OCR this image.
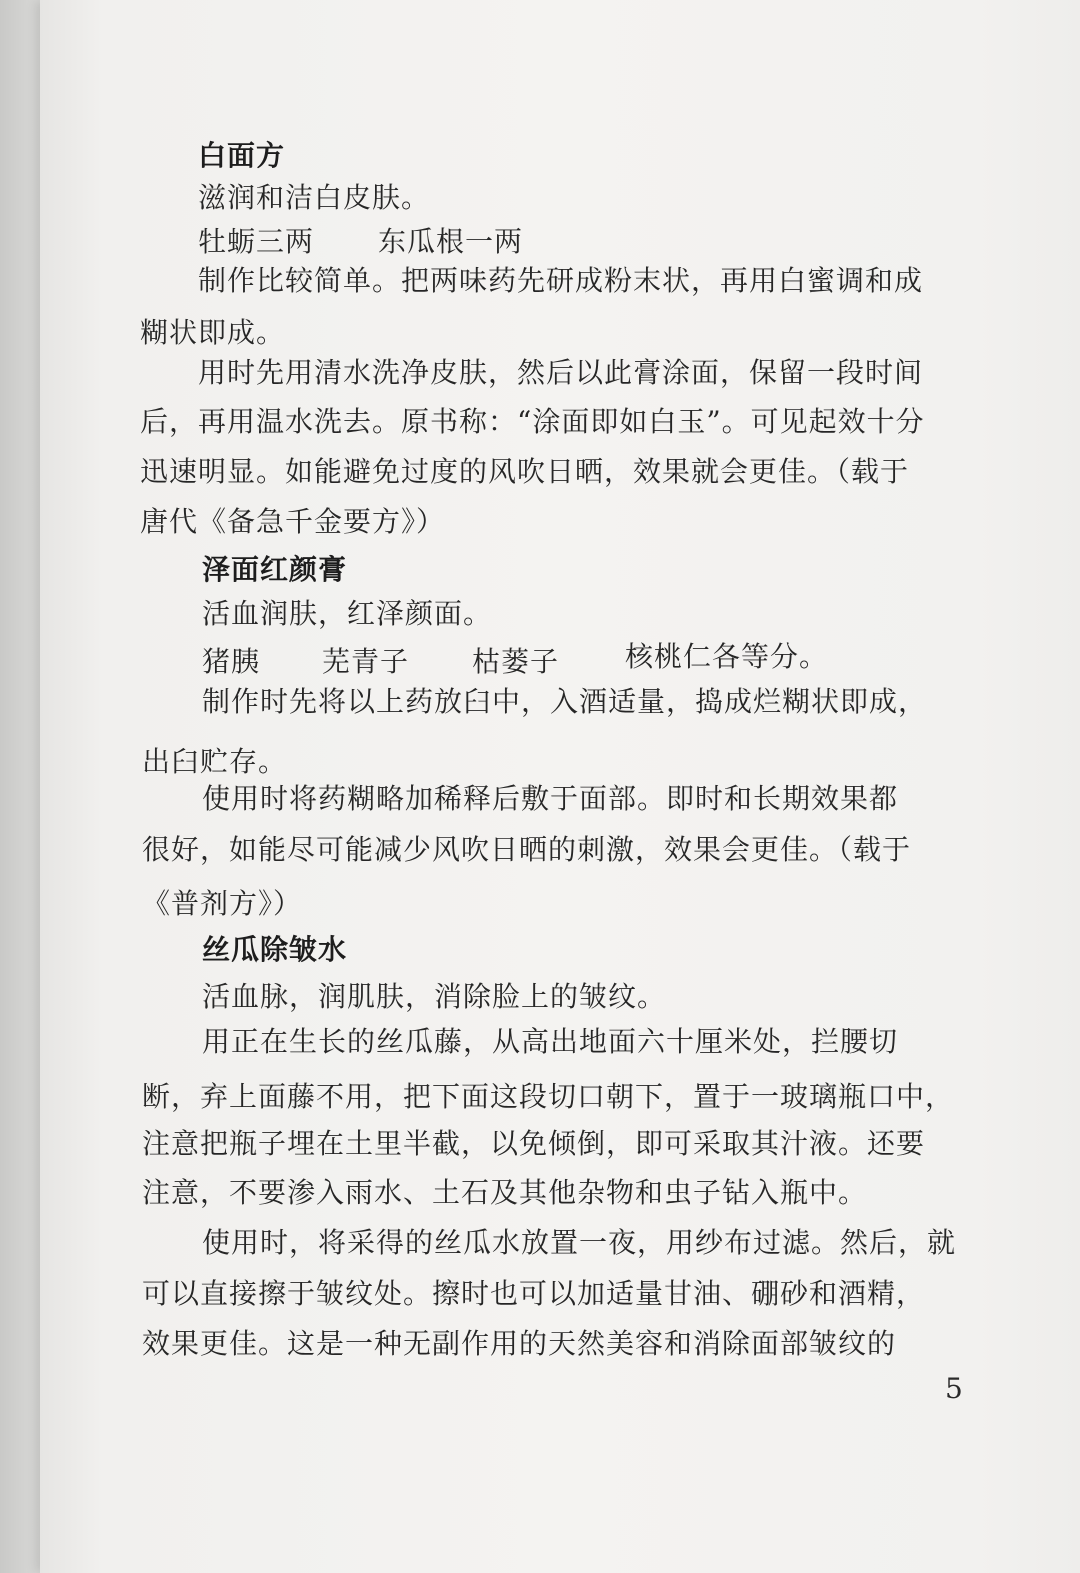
白面方
滋润和洁白皮肤。
牡蛎三两 东瓜根一两
制作比较简单。把两味药先研成粉末状，再用白蜜调和成
糊状即成。
用时先用清水洗净皮肤，然后以此膏涂面，保留一段时间
后，再用温水洗去。原书称：“涂面即如白玉”。可见起效十分
迅速明显。如能避免过度的风吹日晒，效果就会更佳。（载于
唐代《备急千金要方》）
泽面红颜膏
活血润肤，红泽颜面。
猪胰 芜青子 枯蒌子 核桃仁各等分。
制作时先将以上药放臼中，入酒适量，捣成烂糊状即成，
出臼贮存。
使用时将药糊略加稀释后敷于面部。即时和长期效果都
很好，如能尽可能减少风吹日晒的刺激，效果会更佳。（载于
《普剂方》）
丝瓜除皱水
活血脉，润肌肤，消除脸上的皱纹。
用正在生长的丝瓜藤，从高出地面六十厘米处，拦腰切
断，弃上面藤不用，把下面这段切口朝下，置于一玻璃瓶口中，
注意把瓶子埋在土里半截，以免倾倒，即可采取其汁液。还要
注意，不要渗入雨水、土石及其他杂物和虫子钻入瓶中。
使用时，将采得的丝瓜水放置一夜，用纱布过滤。然后，就
可以直接擦于皱纹处。擦时也可以加适量甘油、硼砂和酒精，
效果更佳。这是一种无副作用的天然美容和消除面部皱纹的
5
